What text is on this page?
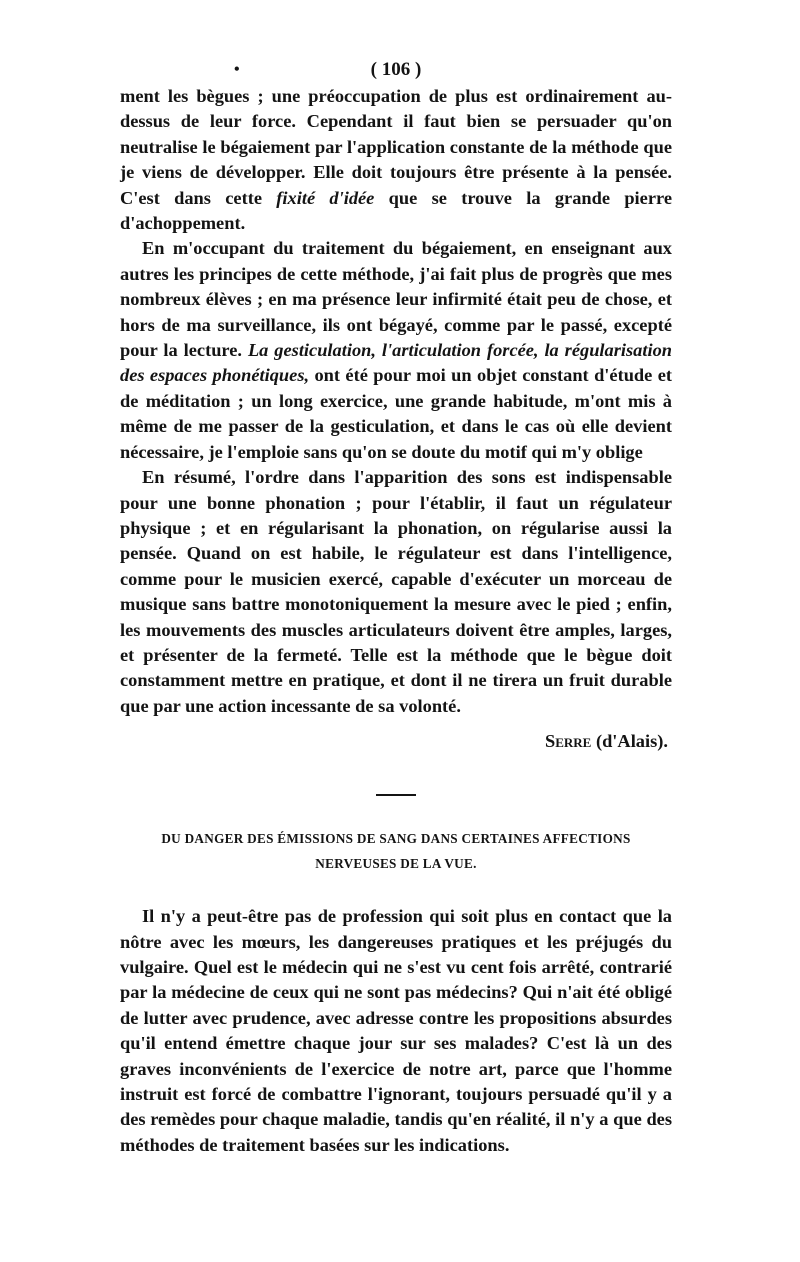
•	( 106 )

ment les bègues ; une préoccupation de plus est ordinairement au-dessus de leur force. Cependant il faut bien se persuader qu'on neutralise le bégaiement par l'application constante de la méthode que je viens de développer. Elle doit toujours être présente à la pensée. C'est dans cette fixité d'idée que se trouve la grande pierre d'achoppement.

En m'occupant du traitement du bégaiement, en enseignant aux autres les principes de cette méthode, j'ai fait plus de progrès que mes nombreux élèves ; en ma présence leur infirmité était peu de chose, et hors de ma surveillance, ils ont bégayé, comme par le passé, excepté pour la lecture. La gesticulation, l'articulation forcée, la régularisation des espaces phonétiques, ont été pour moi un objet constant d'étude et de méditation ; un long exercice, une grande habitude, m'ont mis à même de me passer de la gesticulation, et dans le cas où elle devient nécessaire, je l'emploie sans qu'on se doute du motif qui m'y oblige

En résumé, l'ordre dans l'apparition des sons est indispensable pour une bonne phonation ; pour l'établir, il faut un régulateur physique ; et en régularisant la phonation, on régularise aussi la pensée. Quand on est habile, le régulateur est dans l'intelligence, comme pour le musicien exercé, capable d'exécuter un morceau de musique sans battre monotoniquement la mesure avec le pied ; enfin, les mouvements des muscles articulateurs doivent être amples, larges, et présenter de la fermeté. Telle est la méthode que le bègue doit constamment mettre en pratique, et dont il ne tirera un fruit durable que par une action incessante de sa volonté.

Serre (d'Alais).
DU DANGER DES ÉMISSIONS DE SANG DANS CERTAINES AFFECTIONS
NERVEUSES DE LA VUE.

Il n'y a peut-être pas de profession qui soit plus en contact que la nôtre avec les mœurs, les dangereuses pratiques et les préjugés du vulgaire. Quel est le médecin qui ne s'est vu cent fois arrêté, contrarié par la médecine de ceux qui ne sont pas médecins? Qui n'ait été obligé de lutter avec prudence, avec adresse contre les propositions absurdes qu'il entend émettre chaque jour sur ses malades? C'est là un des graves inconvénients de l'exercice de notre art, parce que l'homme instruit est forcé de combattre l'ignorant, toujours persuadé qu'il y a des remèdes pour chaque maladie, tandis qu'en réalité, il n'y a que des méthodes de traitement basées sur les indications.
